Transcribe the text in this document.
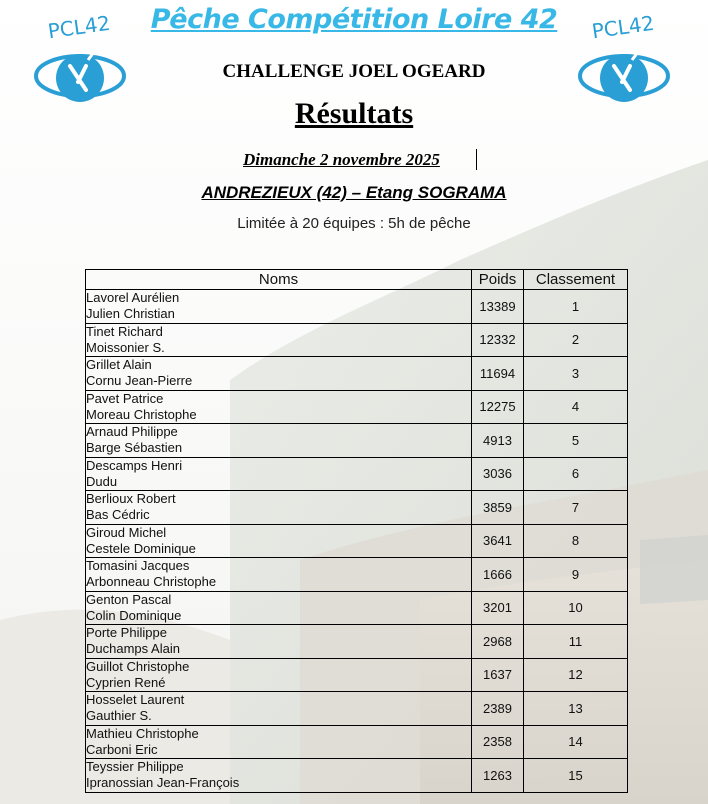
PCL42	PCL42
Pêche Compétition Loire 42
CHALLENGE JOEL OGEARD
Résultats
Dimanche 2 novembre 2025
ANDREZIEUX (42) – Etang SOGRAMA
Limitée à 20 équipes : 5h de pêche
Noms	Poids	Classement

Lavorel Aurélien
Julien Christian	13389	1

Tinet Richard
Moissonier S.	12332	2

Grillet Alain
Cornu Jean-Pierre	11694	3

Pavet Patrice
Moreau Christophe	12275	4

Arnaud Philippe
Barge Sébastien	4913	5

Descamps Henri
Dudu	3036	6

Berlioux Robert
Bas Cédric	3859	7

Giroud Michel
Cestele Dominique	3641	8

Tomasini Jacques
Arbonneau Christophe	1666	9

Genton Pascal
Colin Dominique	3201	10

Porte Philippe
Duchamps Alain	2968	11

Guillot Christophe
Cyprien René	1637	12

Hosselet Laurent
Gauthier S.	2389	13

Mathieu Christophe
Carboni Eric	2358	14

Teyssier Philippe
Ipranossian Jean-François	1263	15
